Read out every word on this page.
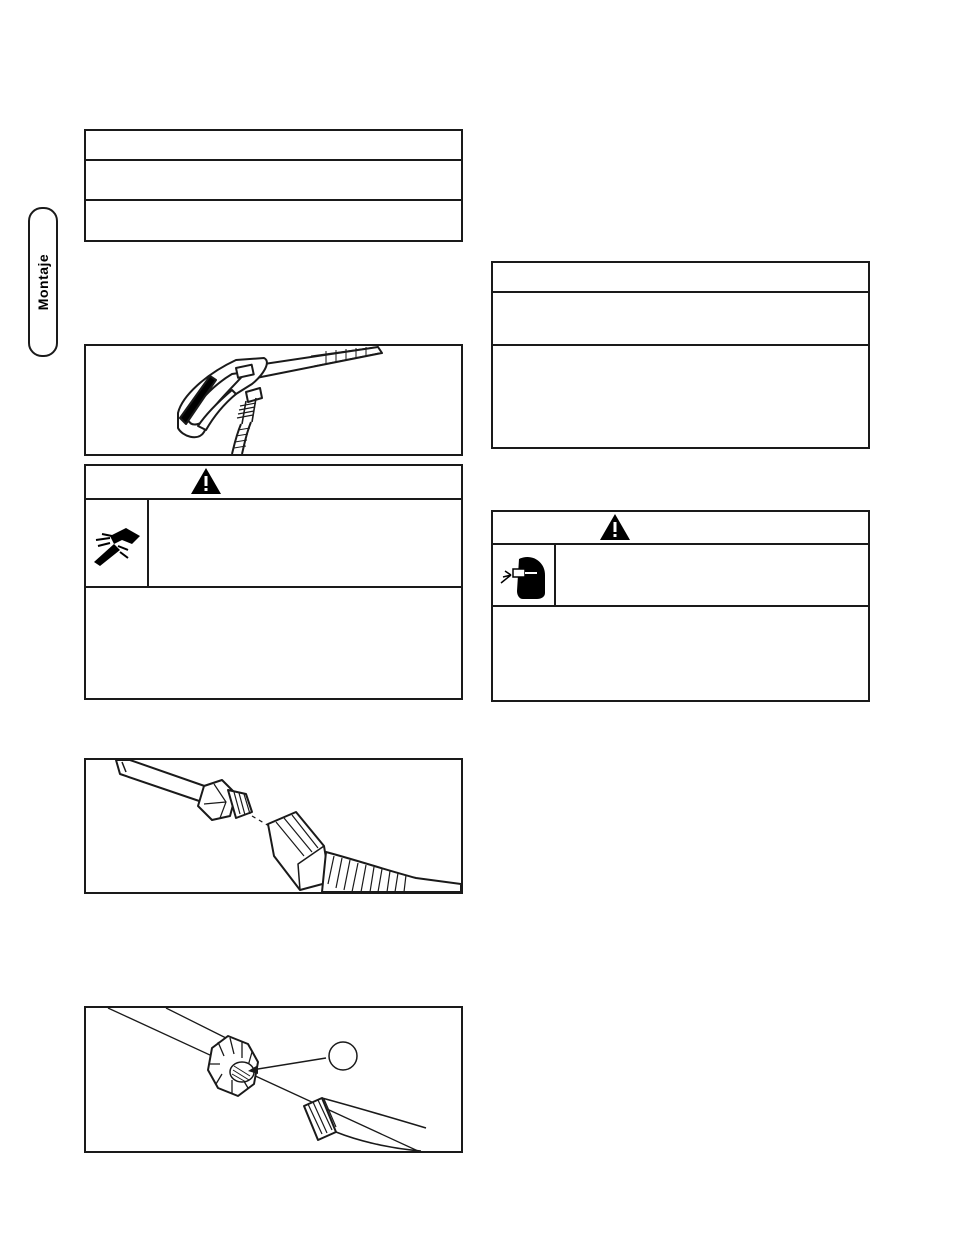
Montaje
